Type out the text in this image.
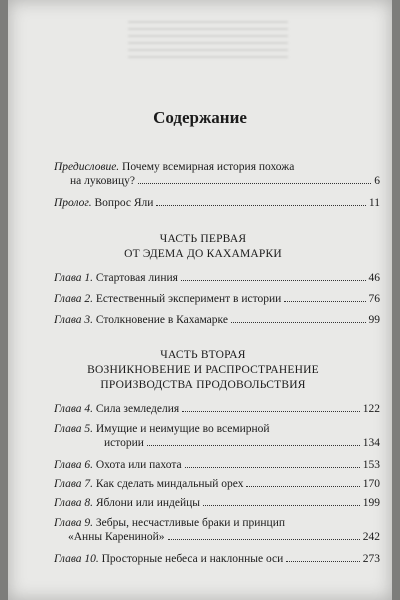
Содержание
Предисловие. Почему всемирная история похожа
на луковицу?	6
Пролог. Вопрос Яли	11
ЧАСТЬ ПЕРВАЯ
ОТ ЭДЕМА ДО КАХАМАРКИ
Глава 1. Стартовая линия	46
Глава 2. Естественный эксперимент в истории	76
Глава 3. Столкновение в Кахамарке	99
ЧАСТЬ ВТОРАЯ
ВОЗНИКНОВЕНИЕ И РАСПРОСТРАНЕНИЕ
ПРОИЗВОДСТВА ПРОДОВОЛЬСТВИЯ
Глава 4. Сила земледелия	122
Глава 5. Имущие и неимущие во всемирной
истории	134
Глава 6. Охота или пахота	153
Глава 7. Как сделать миндальный орех	170
Глава 8. Яблони или индейцы	199
Глава 9. Зебры, несчастливые браки и принцип
«Анны Карениной»	242
Глава 10. Просторные небеса и наклонные оси	273
